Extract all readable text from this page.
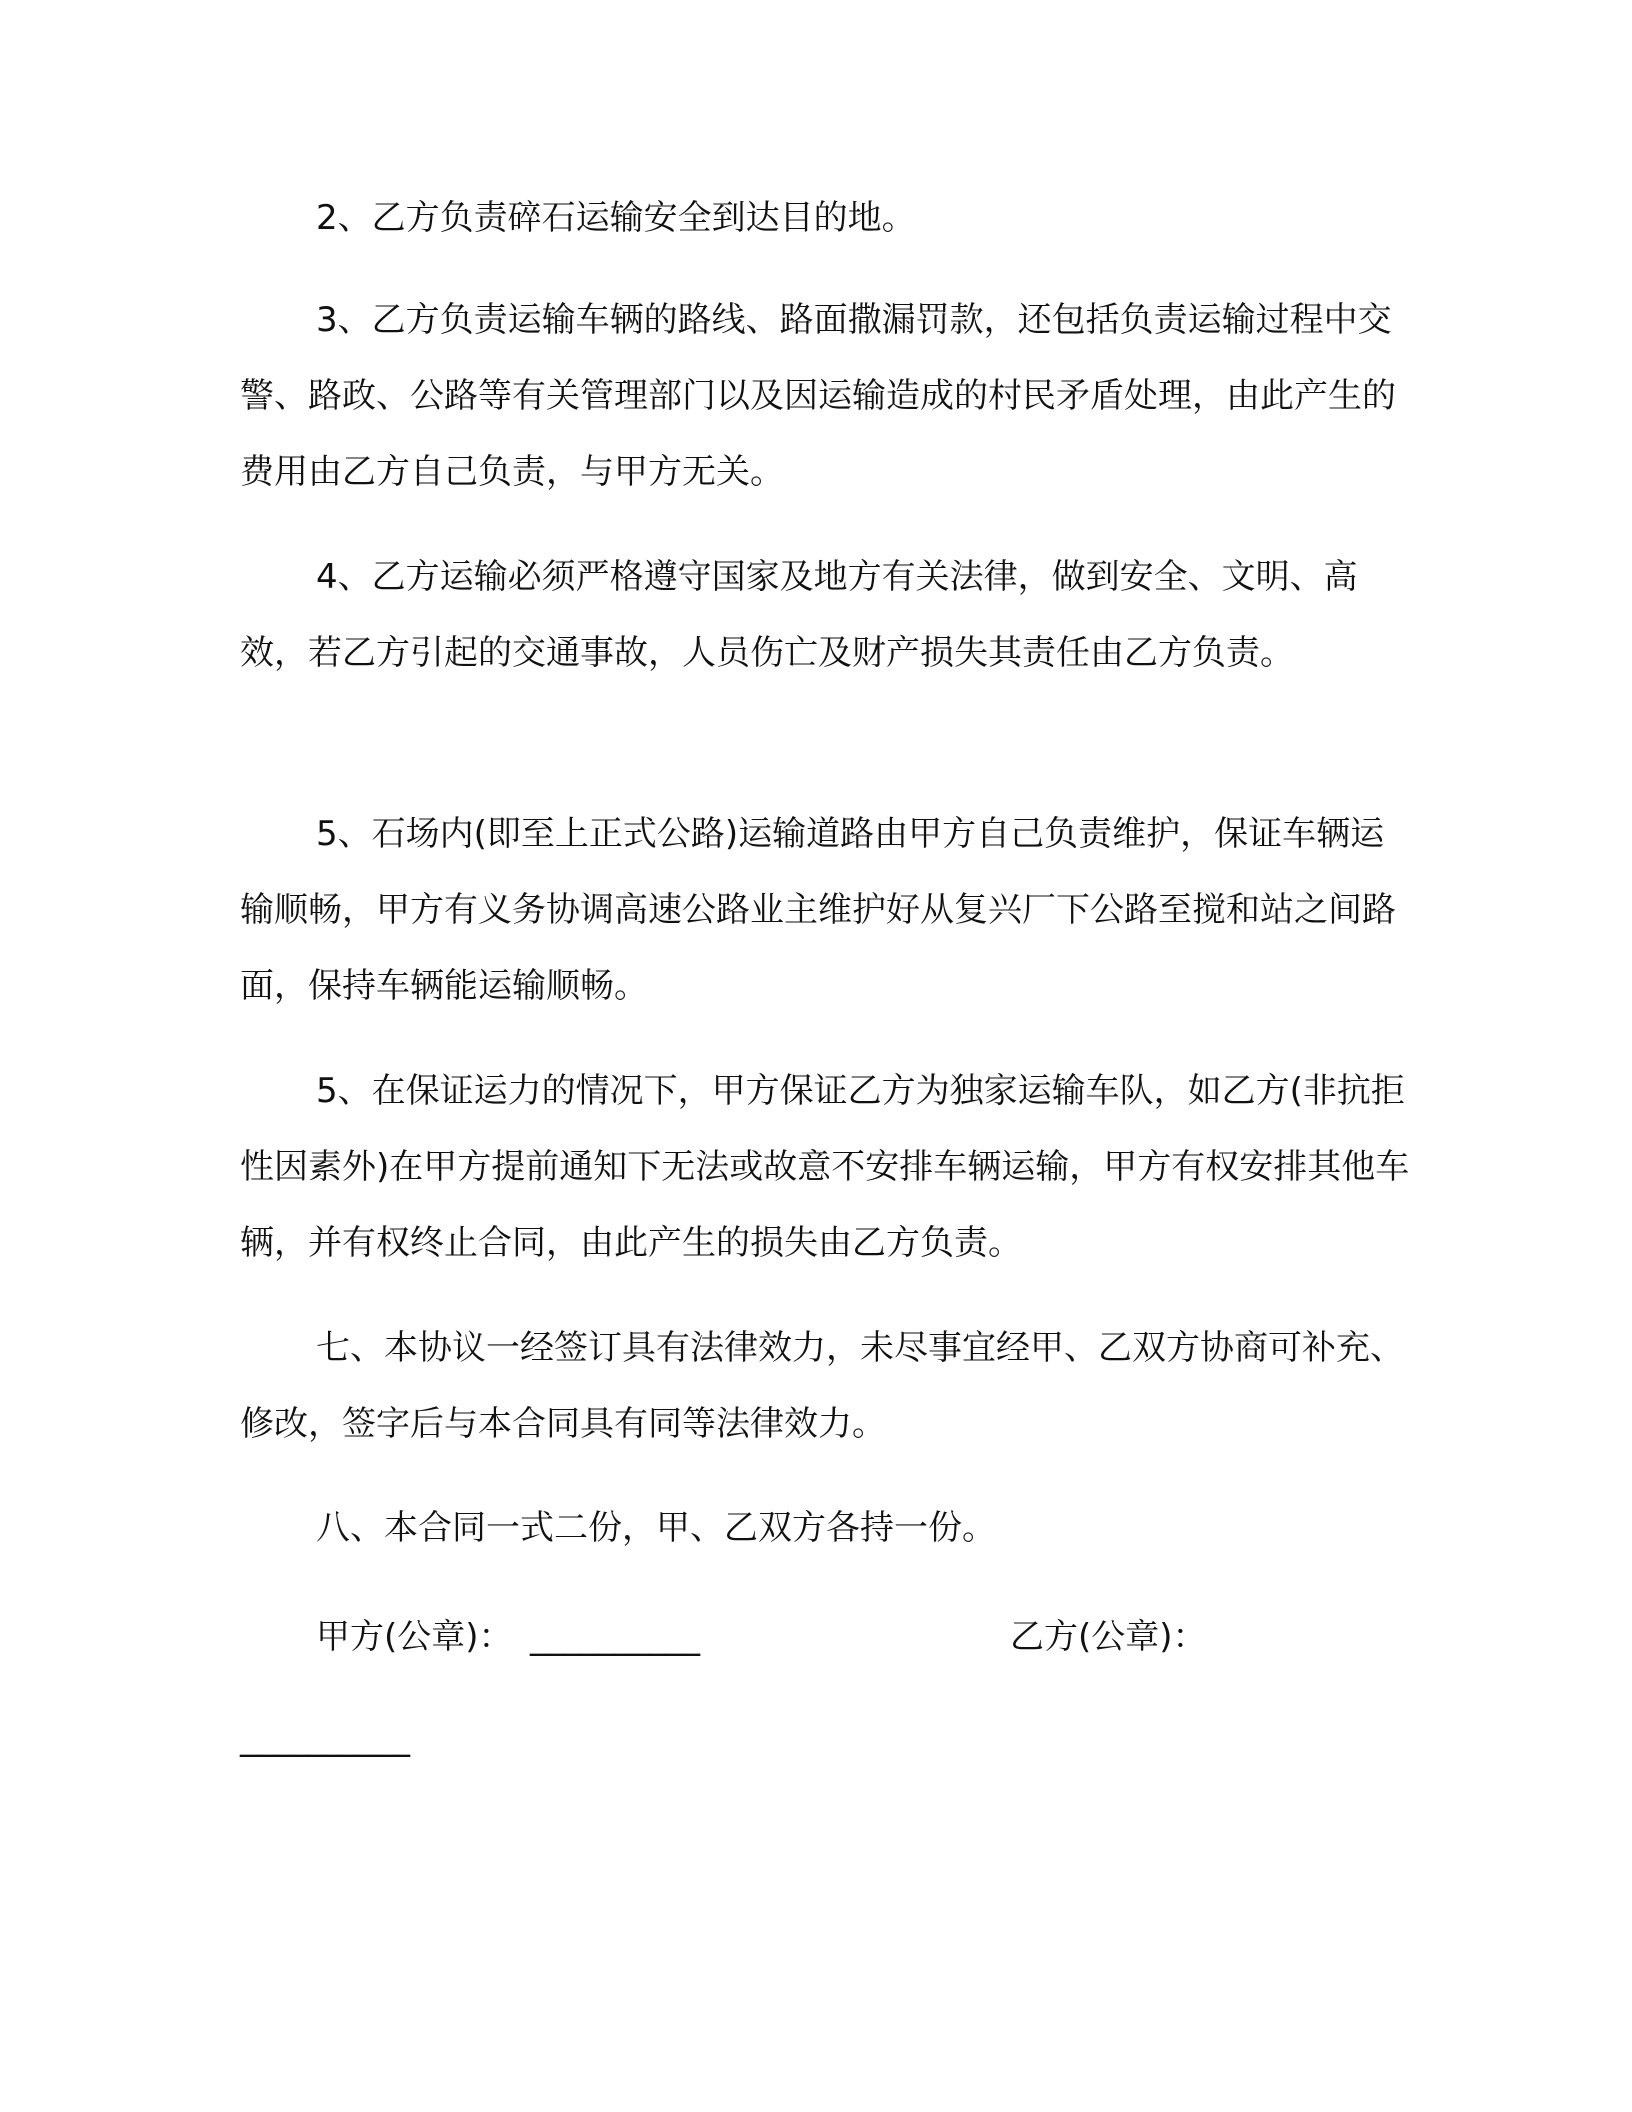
2、乙方负责碎石运输安全到达目的地。

3、乙方负责运输车辆的路线、路面撒漏罚款，还包括负责运输过程中交警、路政、公路等有关管理部门以及因运输造成的村民矛盾处理，由此产生的费用由乙方自己负责，与甲方无关。

4、乙方运输必须严格遵守国家及地方有关法律，做到安全、文明、高效，若乙方引起的交通事故，人员伤亡及财产损失其责任由乙方负责。

5、石场内(即至上正式公路)运输道路由甲方自己负责维护，保证车辆运输顺畅，甲方有义务协调高速公路业主维护好从复兴厂下公路至搅和站之间路面，保持车辆能运输顺畅。

5、在保证运力的情况下，甲方保证乙方为独家运输车队，如乙方(非抗拒性因素外)在甲方提前通知下无法或故意不安排车辆运输，甲方有权安排其他车辆，并有权终止合同，由此产生的损失由乙方负责。

七、本协议一经签订具有法律效力，未尽事宜经甲、乙双方协商可补充、修改，签字后与本合同具有同等法律效力。

八、本合同一式二份，甲、乙双方各持一份。

甲方(公章)： __________	乙方(公章)：
__________
